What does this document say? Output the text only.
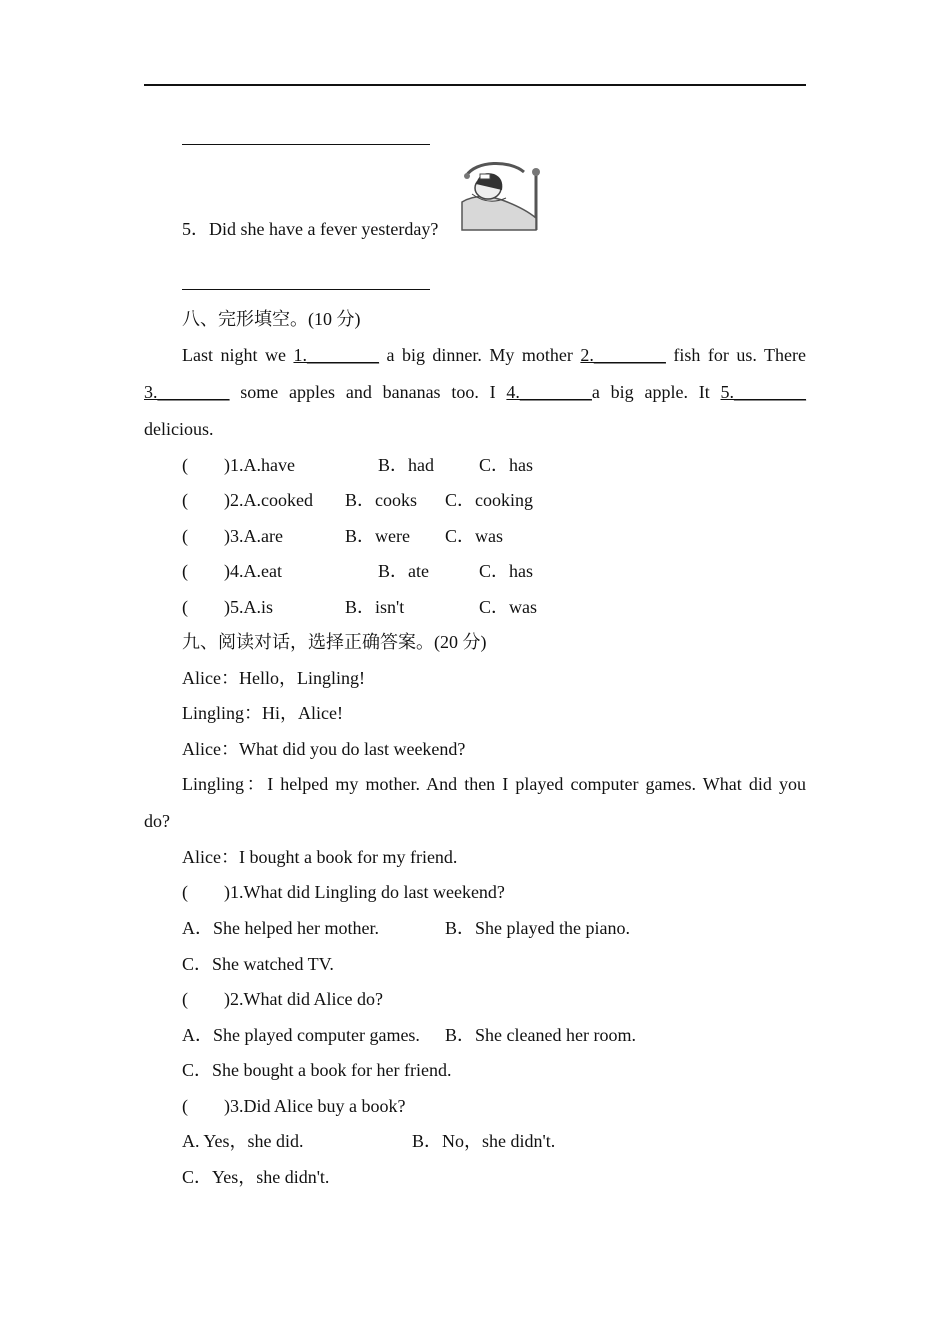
5．Did she have a fever yesterday?
八、完形填空。(10 分)
Last night we 1.________ a big dinner. My mother 2.________ fish for us. There
3.________ some apples and bananas too. I 4.________a big apple. It 5.________
delicious.
(　　)1.A.have	B．had	C．has
(　　)2.A.cooked B．cooks C．cooking
(　　)3.A.are	B．were C．was
(　　)4.A.eat	B．ate	C．has
(　　)5.A.is	B．isn't	C．was
九、阅读对话，选择正确答案。(20 分)
Alice：Hello，Lingling!
Lingling：Hi，Alice!
Alice：What did you do last weekend?
Lingling：I helped my mother. And then I played computer games. What did you
do?
Alice：I bought a book for my friend.
(　　)1.What did Lingling do last weekend?
A．She helped her mother.	B．She played the piano.
C．She watched TV.
(　　)2.What did Alice do?
A．She played computer games. B．She cleaned her room.
C．She bought a book for her friend.
(　　)3.Did Alice buy a book?
A. Yes，she did.	B．No，she didn't.
C．Yes，she didn't.
